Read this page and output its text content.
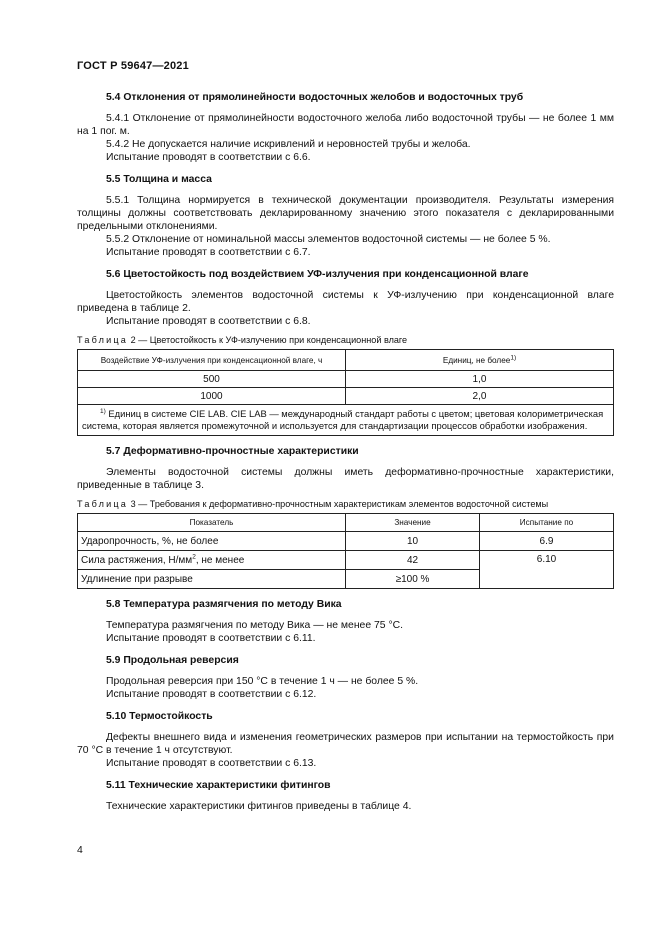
ГОСТ Р 59647—2021
5.4 Отклонения от прямолинейности водосточных желобов и водосточных труб

5.4.1 Отклонение от прямолинейности водосточного желоба либо водосточной трубы — не более 1 мм на 1 пог. м.

5.4.2 Не допускается наличие искривлений и неровностей трубы и желоба.

Испытание проводят в соответствии с 6.6.

5.5 Толщина и масса

5.5.1 Толщина нормируется в технической документации производителя. Результаты измерения толщины должны соответствовать декларированному значению этого показателя с декларированными предельными отклонениями.

5.5.2 Отклонение от номинальной массы элементов водосточной системы — не более 5 %.

Испытание проводят в соответствии с 6.7.

5.6 Цветостойкость под воздействием УФ-излучения при конденсационной влаге

Цветостойкость элементов водосточной системы к УФ-излучению при конденсационной влаге приведена в таблице 2.

Испытание проводят в соответствии с 6.8.

Таблица 2 — Цветостойкость к УФ-излучению при конденсационной влаге
Воздействие УФ-излучения при конденсационной влаге, ч	Единиц, не более$^{1)}$
500	1,0
1000	2,0
$^{1)}$ Единиц в системе CIE LAB. CIE LAB — международный стандарт работы с цветом; цветовая колориметрическая система, которая является промежуточной и используется для стандартизации процессов обработки изображения.	
5.7 Деформативно-прочностные характеристики

Элементы водосточной системы должны иметь деформативно-прочностные характеристики, приведенные в таблице 3.

Таблица 3 — Требования к деформативно-прочностным характеристикам элементов водосточной системы
Показатель	Значение	Испытание по
Ударопрочность, %, не более	10	6.9
Сила растяжения, $Н/мм^2$, не менее	42	6.10
Удлинение при разрыве	≥100 %	
5.8 Температура размягчения по методу Вика

Температура размягчения по методу Вика — не менее 75 °С.

Испытание проводят в соответствии с 6.11.

5.9 Продольная реверсия

Продольная реверсия при 150 °С в течение 1 ч — не более 5 %.

Испытание проводят в соответствии с 6.12.

5.10 Термостойкость

Дефекты внешнего вида и изменения геометрических размеров при испытании на термостойкость при 70 °С в течение 1 ч отсутствуют.

Испытание проводят в соответствии с 6.13.

5.11 Технические характеристики фитингов

Технические характеристики фитингов приведены в таблице 4.

4
